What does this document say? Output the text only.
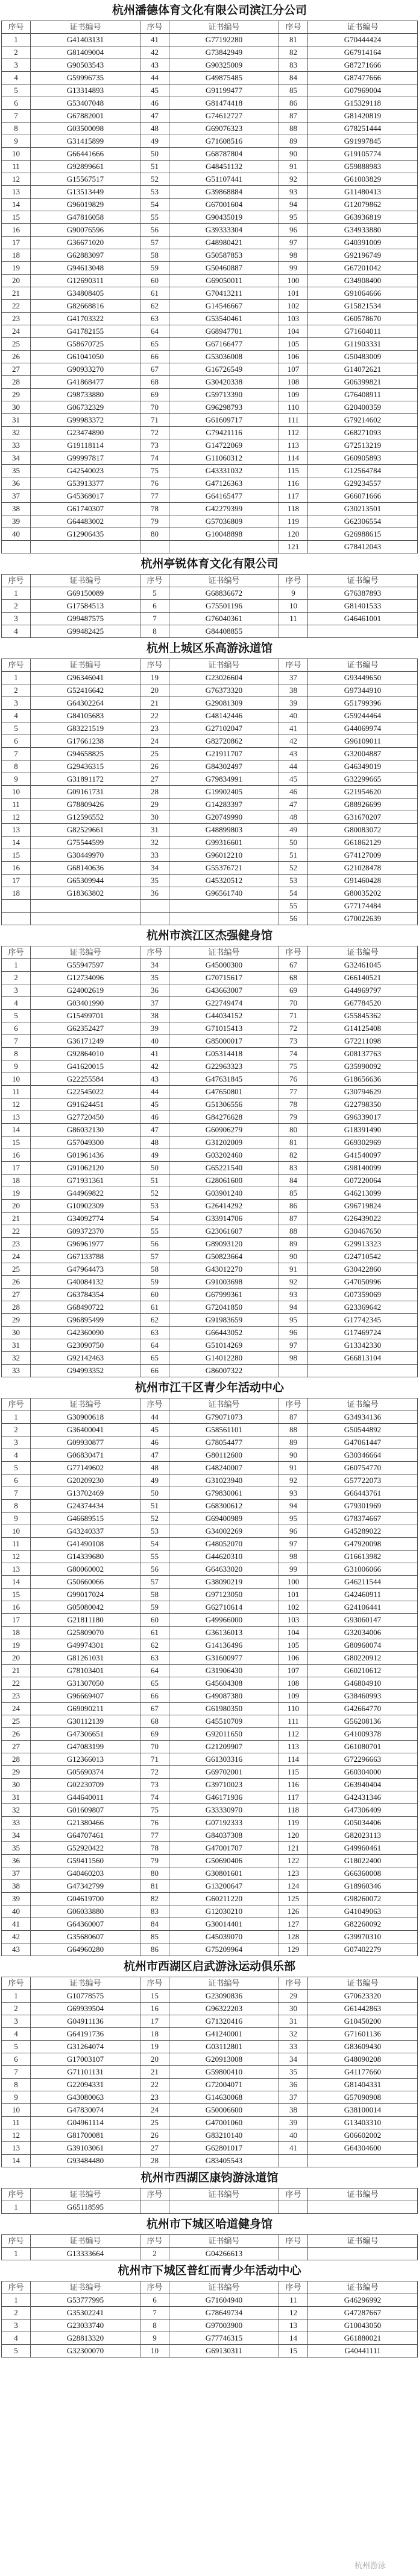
杭州潘德体育文化有限公司滨江分公司
序号	证书编号	序号	证书编号	序号	证书编号
1	G41403131	41	G77192280	81	G70444424
2	G81409004	42	G73842949	82	G67914164
3	G90503543	43	G90325009	83	G87271666
4	G59996735	44	G49875485	84	G87477666
5	G13314893	45	G91199477	85	G07969004
6	G53407048	46	G81474418	86	G15329118
7	G67882001	47	G74612727	87	G81420819
8	G03500098	48	G69076323	88	G78251444
9	G31415899	49	G71608516	89	G91997845
10	G66441666	50	G68787804	90	G19105774
11	G92899661	51	G48451132	91	G59888983
12	G15567517	52	G51107441	92	G61003829
13	G13513449	53	G39868884	93	G11480413
14	G96019829	54	G67001604	94	G12079862
15	G47816058	55	G90435019	95	G63936819
16	G90076596	56	G39333304	96	G34933880
17	G36671020	57	G48980421	97	G40391009
18	G62883097	58	G50587853	98	G92196749
19	G94613048	59	G50460887	99	G67201042
20	G12690311	60	G69050011	100	G34908400
21	G34808405	61	G70413211	101	G91064666
22	G82668816	62	G14546667	102	G15821534
23	G41703322	63	G53540461	103	G60578670
24	G41782155	64	G68947701	104	G71604011
25	G58670725	65	G67166477	105	G11903331
26	G61041050	66	G53036008	106	G50483009
27	G90933270	67	G16726549	107	G14072621
28	G41868477	68	G30420338	108	G06399821
29	G98733880	69	G59713390	109	G76408911
30	G06732329	70	G96298793	110	G20400359
31	G99983372	71	G61609717	111	G79214602
32	G23474890	72	G79421116	112	G68271093
33	G19118114	73	G14722069	113	G72513219
34	G99997817	74	G11060312	114	G60905893
35	G42540023	75	G43331032	115	G12564784
36	G53913377	76	G47126363	116	G29234557
37	G45368017	77	G64165477	117	G66071666
38	G61740307	78	G42279399	118	G30213501
39	G64483002	79	G57036809	119	G62306554
40	G12906435	80	G10048898	120	G26988615
				121	G78412043
杭州亭锐体育文化有限公司
序号	证书编号	序号	证书编号	序号	证书编号
1	G69150089	5	G68836672	9	G76387893
2	G17584513	6	G75501196	10	G81401533
3	G99487575	7	G76040361	11	G46461001
4	G99482425	8	G84408855		
杭州上城区乐高游泳道馆
序号	证书编号	序号	证书编号	序号	证书编号
1	G96346041	19	G23026604	37	G93449650
2	G52416642	20	G76373320	38	G97344910
3	G64302264	21	G29081309	39	G51799396
4	G84105683	22	G48142446	40	G59244464
5	G83221519	23	G27102047	41	G44069974
6	G17661238	24	G82720862	42	G96109011
7	G94658825	25	G21911707	43	G32004887
8	G29436315	26	G84302497	44	G46349019
9	G31891172	27	G79834991	45	G32299665
10	G09161731	28	G19902405	46	G21954620
11	G78809426	29	G14283397	47	G88926699
12	G12596552	30	G20749990	48	G31670207
13	G82529661	31	G48899803	49	G80083072
14	G75544599	32	G99316601	50	G61862129
15	G30449970	33	G96012210	51	G74127009
16	G68140636	34	G55376721	52	G21028478
17	G65309944	35	G45320512	53	G91460428
18	G18363802	36	G96561740	54	G80035202
				55	G77174484
				56	G70022639
杭州市滨江区杰强健身馆
序号	证书编号	序号	证书编号	序号	证书编号
1	G55947597	34	G45000300	67	G32461045
2	G12734096	35	G70715617	68	G66140521
3	G24002619	36	G43663007	69	G44969797
4	G03401990	37	G22749474	70	G67784520
5	G15499701	38	G44034152	71	G55845362
6	G62352427	39	G71015413	72	G14125408
7	G36171249	40	G85000017	73	G72211098
8	G92864010	41	G05314418	74	G08137763
9	G41620015	42	G22963323	75	G35990092
10	G22255584	43	G47631845	76	G18656636
11	G22545022	44	G47650801	77	G30794629
12	G91624451	45	G51306556	78	G22798350
13	G27720450	46	G84276628	79	G96339017
14	G86032130	47	G60906279	80	G18391490
15	G57049300	48	G31202009	81	G69302969
16	G01961436	49	G03202460	82	G41540097
17	G91062120	50	G65221540	83	G98140099
18	G71931361	51	G28061600	84	G07220064
19	G44969822	52	G03901240	85	G46213099
20	G10902309	53	G26414292	86	G96719824
21	G34092774	54	G33914706	87	G26439022
22	G09372370	55	G23061607	88	G30467650
23	G96961977	56	G89093120	89	G29913323
24	G67133788	57	G50823664	90	G24710542
25	G47964473	58	G43012270	91	G30422860
26	G40084132	59	G91003698	92	G47050996
27	G63784354	60	G67999361	93	G07359069
28	G68490722	61	G72041850	94	G23369642
29	G96895499	62	G91983659	95	G17742345
30	G42360090	63	G66443052	96	G17469724
31	G23090750	64	G51014269	97	G13342330
32	G92142463	65	G14012280	98	G66813104
33	G94993352	66	G86007322		
杭州市江干区青少年活动中心
序号	证书编号	序号	证书编号	序号	证书编号
1	G30900618	44	G79071073	87	G34934136
2	G36400041	45	G58561101	88	G50544892
3	G09930877	46	G78054477	89	G47061447
4	G06830471	47	G80112600	90	G30346664
5	G77149602	48	G48240007	91	G60754770
6	G20209230	49	G31023940	92	G57722073
7	G13702469	50	G79830061	93	G66443761
8	G24374434	51	G68300612	94	G79301969
9	G46689515	52	G69400989	95	G78374667
10	G43240337	53	G34002269	96	G45289022
11	G41490108	54	G48052070	97	G47920098
12	G14339680	55	G44620310	98	G16613982
13	G80060002	56	G64633020	99	G31006066
14	G50660066	57	G38090219	100	G46211544
15	G99017024	58	G97123050	101	G42460911
16	G05080042	59	G62710614	102	G24106441
17	G21811180	60	G49966000	103	G93060147
18	G25809070	61	G36136013	104	G32034006
19	G49974301	62	G14136496	105	G80960074
20	G81261031	63	G31600977	106	G80220912
21	G78103401	64	G31906430	107	G60210612
22	G31307050	65	G45604308	108	G46804910
23	G96669407	66	G49087380	109	G38460993
24	G69090211	67	G61980350	110	G42664770
25	G30112139	68	G45510709	111	G56208136
26	G47306651	69	G92011650	112	G41009378
27	G47083199	70	G21209907	113	G61080701
28	G12366013	71	G61303316	114	G72296663
29	G05690374	72	G69702001	115	G60304000
30	G02230709	73	G39710023	116	G63940404
31	G44640011	74	G46171936	117	G42431346
32	G01609807	75	G33330970	118	G47306409
33	G21380466	76	G07192333	119	G05034406
34	G64707461	77	G84037308	120	G82023113
35	G52920422	78	G47001707	121	G49960461
36	G59411560	79	G50690406	122	G18022400
37	G40460203	80	G30801601	123	G66360008
38	G47342799	81	G13200647	124	G18960346
39	G04619700	82	G60211220	125	G98260072
40	G06033880	83	G12030210	126	G41049063
41	G64360007	84	G30014401	127	G82260092
42	G35680607	85	G45039070	128	G39970310
43	G64960280	86	G75209964	129	G07402279
杭州市西湖区启武游泳运动俱乐部
序号	证书编号	序号	证书编号	序号	证书编号
1	G10778575	15	G23090836	29	G70623320
2	G69939504	16	G96322203	30	G61442863
3	G04911136	17	G71320416	31	G10450200
4	G64191736	18	G41240001	32	G71601136
5	G31264074	19	G03112801	33	G83609430
6	G17003107	20	G20913008	34	G48090208
7	G71101131	21	G59800410	35	G41177660
8	G22094331	22	G72004071	36	G81404331
9	G43080063	23	G14630068	37	G57090908
10	G47830074	24	G50006600	38	G38100014
11	G04961114	25	G47001060	39	G13403310
12	G81700081	26	G83210140	40	G06602002
13	G39103061	27	G62801017	41	G64304600
14	G93484480	28	G83405543		
杭州市西湖区康钧游泳道馆
序号	证书编号	序号	证书编号	序号	证书编号
1	G65118595				
杭州市下城区哈道健身馆
序号	证书编号	序号	证书编号	序号	证书编号
1	G13333664	2	G04266613		
杭州市下城区普红而青少年活动中心
序号	证书编号	序号	证书编号	序号	证书编号
1	G53777995	6	G71604940	11	G46296992
2	G35302241	7	G78649734	12	G47287667
3	G23033740	8	G97003900	13	G10043050
4	G28813320	9	G77746315	14	G61880021
5	G32300070	10	G69130311	15	G40441111
杭州游泳
